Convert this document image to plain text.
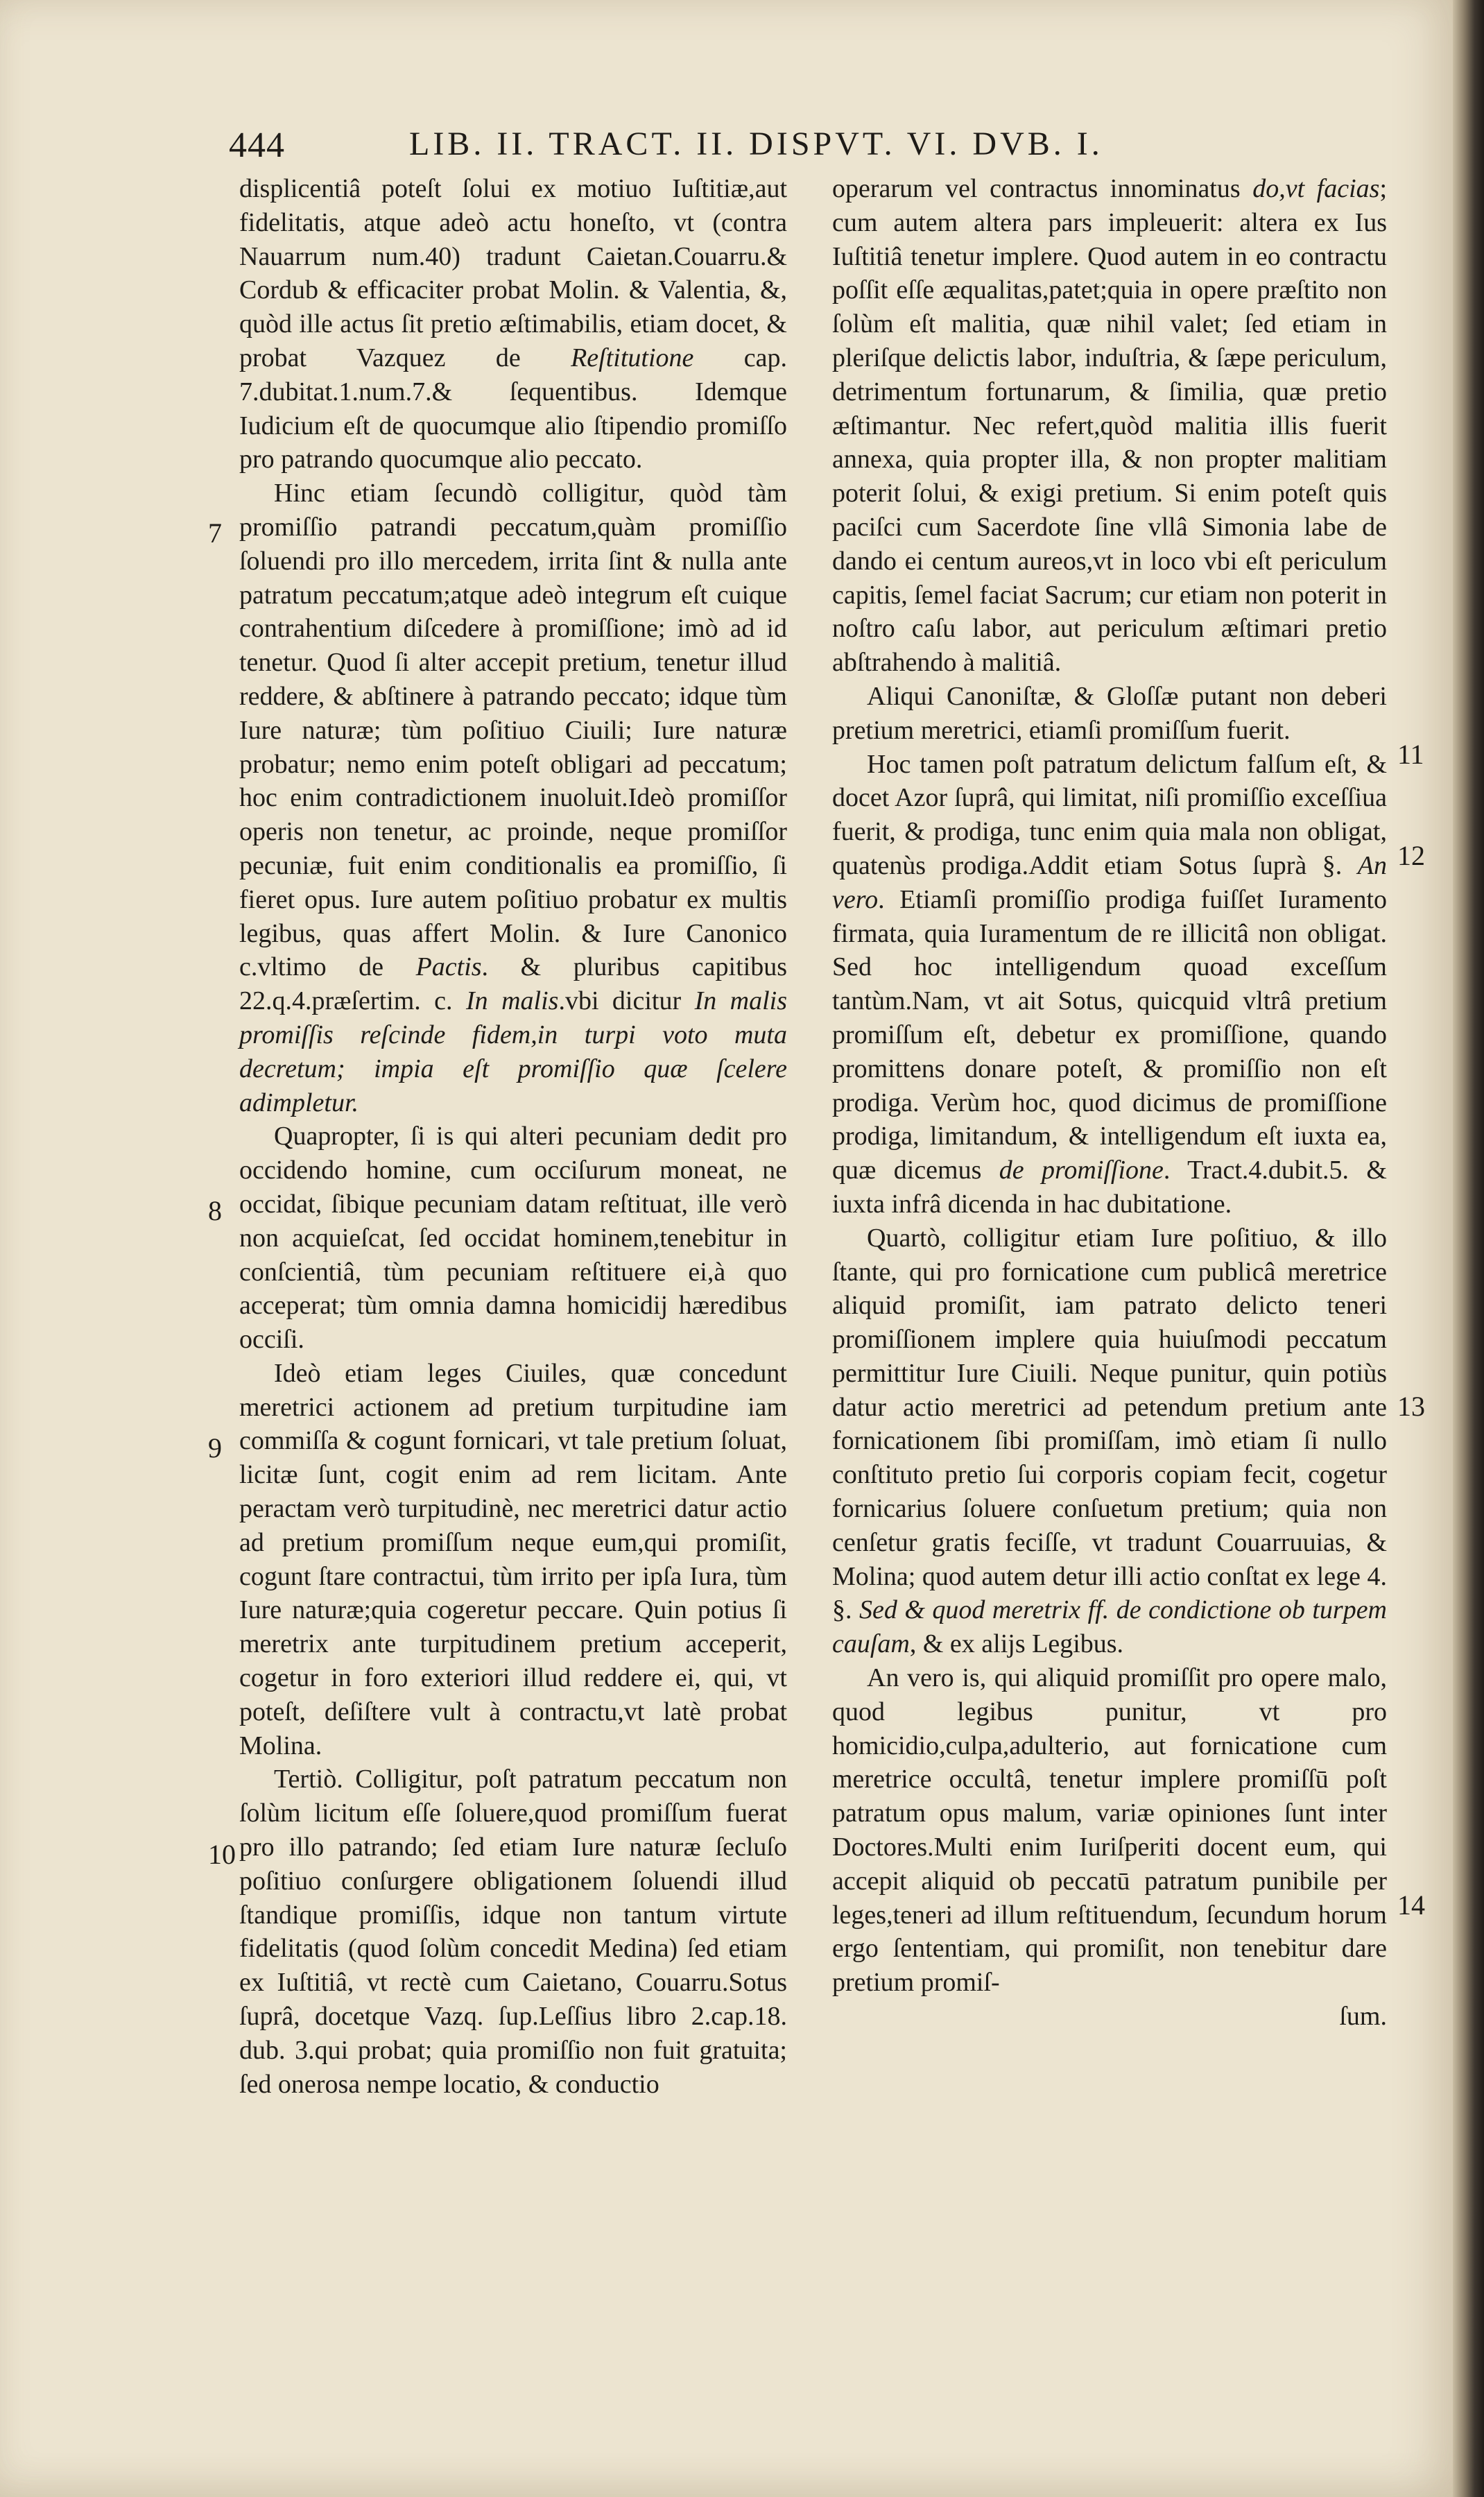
444	LIB. II. TRACT. II. DISPVT. VI. DVB. I.
7
8
9
10
11
12
13
14

displicentiâ poteſt ſolui ex motiuo Iuſtitiæ,aut fidelitatis, atque adeò actu honeſto, vt (contra Nauarrum num.40) tradunt Caietan.Couarru.& Cordub & efficaciter probat Molin. & Valentia, &, quòd ille actus ſit pretio æſtimabilis, etiam docet, & probat Vazquez de Reſtitutione cap. 7.dubitat.1.num.7.& ſequentibus. Idemque Iudicium eſt de quocumque alio ſtipendio promiſſo pro patrando quocumque alio peccato.

Hinc etiam ſecundò colligitur, quòd tàm promiſſio patrandi peccatum,quàm promiſſio ſoluendi pro illo mercedem, irrita ſint & nulla ante patratum peccatum;atque adeò integrum eſt cuique contrahentium diſcedere à promiſſione; imò ad id tenetur. Quod ſi alter accepit pretium, tenetur illud reddere, & abſtinere à patrando peccato; idque tùm Iure naturæ; tùm poſitiuo Ciuili; Iure naturæ probatur; nemo enim poteſt obligari ad peccatum; hoc enim contradictionem inuoluit.Ideò promiſſor operis non tenetur, ac proinde, neque promiſſor pecuniæ, fuit enim conditionalis ea promiſſio, ſi fieret opus. Iure autem poſitiuo probatur ex multis legibus, quas affert Molin. & Iure Canonico c.vltimo de Pactis. & pluribus capitibus 22.q.4.præſertim. c. In malis.vbi dicitur In malis promiſſis reſcinde fidem,in turpi voto muta decretum; impia eſt promiſſio quæ ſcelere adimpletur.

Quapropter, ſi is qui alteri pecuniam dedit pro occidendo homine, cum occiſurum moneat, ne occidat, ſibique pecuniam datam reſtituat, ille verò non acquieſcat, ſed occidat hominem,tenebitur in conſcientiâ, tùm pecuniam reſtituere ei,à quo acceperat; tùm omnia damna homicidij hæredibus occiſi.

Ideò etiam leges Ciuiles, quæ concedunt meretrici actionem ad pretium turpitudine iam commiſſa & cogunt fornicari, vt tale pretium ſoluat, licitæ ſunt, cogit enim ad rem licitam. Ante peractam verò turpitudinè, nec meretrici datur actio ad pretium promiſſum neque eum,qui promiſit, cogunt ſtare contractui, tùm irrito per ipſa Iura, tùm Iure naturæ;quia cogeretur peccare. Quin potius ſi meretrix ante turpitudinem pretium acceperit, cogetur in foro exteriori illud reddere ei, qui, vt poteſt, deſiſtere vult à contractu,vt latè probat Molina.

Tertiò. Colligitur, poſt patratum peccatum non ſolùm licitum eſſe ſoluere,quod promiſſum fuerat pro illo patrando; ſed etiam Iure naturæ ſecluſo poſitiuo conſurgere obligationem ſoluendi illud ſtandique promiſſis, idque non tantum virtute fidelitatis (quod ſolùm concedit Medina) ſed etiam ex Iuſtitiâ, vt rectè cum Caietano, Couarru.Sotus ſuprâ, docetque Vazq. ſup.Leſſius libro 2.cap.18. dub. 3.qui probat; quia promiſſio non fuit gratuita; ſed onerosa nempe locatio, & conductio

operarum vel contractus innominatus do,vt facias; cum autem altera pars impleuerit: altera ex Ius Iuſtitiâ tenetur implere. Quod autem in eo contractu poſſit eſſe æqualitas,patet;quia in opere præſtito non ſolùm eſt malitia, quæ nihil valet; ſed etiam in pleriſque delictis labor, induſtria, & ſæpe periculum, detrimentum fortunarum, & ſimilia, quæ pretio æſtimantur. Nec refert,quòd malitia illis fuerit annexa, quia propter illa, & non propter malitiam poterit ſolui, & exigi pretium. Si enim poteſt quis paciſci cum Sacerdote ſine vllâ Simonia labe de dando ei centum aureos,vt in loco vbi eſt periculum capitis, ſemel faciat Sacrum; cur etiam non poterit in noſtro caſu labor, aut periculum æſtimari pretio abſtrahendo à malitiâ.

Aliqui Canoniſtæ, & Gloſſæ putant non deberi pretium meretrici, etiamſi promiſſum fuerit.

Hoc tamen poſt patratum delictum falſum eſt, & docet Azor ſuprâ, qui limitat, niſi promiſſio exceſſiua fuerit, & prodiga, tunc enim quia mala non obligat, quatenùs prodiga.Addit etiam Sotus ſuprà §. An vero. Etiamſi promiſſio prodiga fuiſſet Iuramento firmata, quia Iuramentum de re illicitâ non obligat. Sed hoc intelligendum quoad exceſſum tantùm.Nam, vt ait Sotus, quicquid vltrâ pretium promiſſum eſt, debetur ex promiſſione, quando promittens donare poteſt, & promiſſio non eſt prodiga. Verùm hoc, quod dicimus de promiſſione prodiga, limitandum, & intelligendum eſt iuxta ea, quæ dicemus de promiſſione. Tract.4.dubit.5. & iuxta infrâ dicenda in hac dubitatione.

Quartò, colligitur etiam Iure poſitiuo, & illo ſtante, qui pro fornicatione cum publicâ meretrice aliquid promiſit, iam patrato delicto teneri promiſſionem implere quia huiuſmodi peccatum permittitur Iure Ciuili. Neque punitur, quin potiùs datur actio meretrici ad petendum pretium ante fornicationem ſibi promiſſam, imò etiam ſi nullo conſtituto pretio ſui corporis copiam fecit, cogetur fornicarius ſoluere conſuetum pretium; quia non cenſetur gratis feciſſe, vt tradunt Couarruuias, & Molina; quod autem detur illi actio conſtat ex lege 4. §. Sed & quod meretrix ff. de condictione ob turpem cauſam, & ex alijs Legibus.

An vero is, qui aliquid promiſſit pro opere malo, quod legibus punitur, vt pro homicidio,culpa,adulterio, aut fornicatione cum meretrice occultâ, tenetur implere promiſſū poſt patratum opus malum, variæ opiniones ſunt inter Doctores.Multi enim Iuriſperiti docent eum, qui accepit aliquid ob peccatū patratum punibile per leges,teneri ad illum reſtituendum, ſecundum horum ergo ſententiam, qui promiſit, non tenebitur dare pretium promiſ-

ſum.
